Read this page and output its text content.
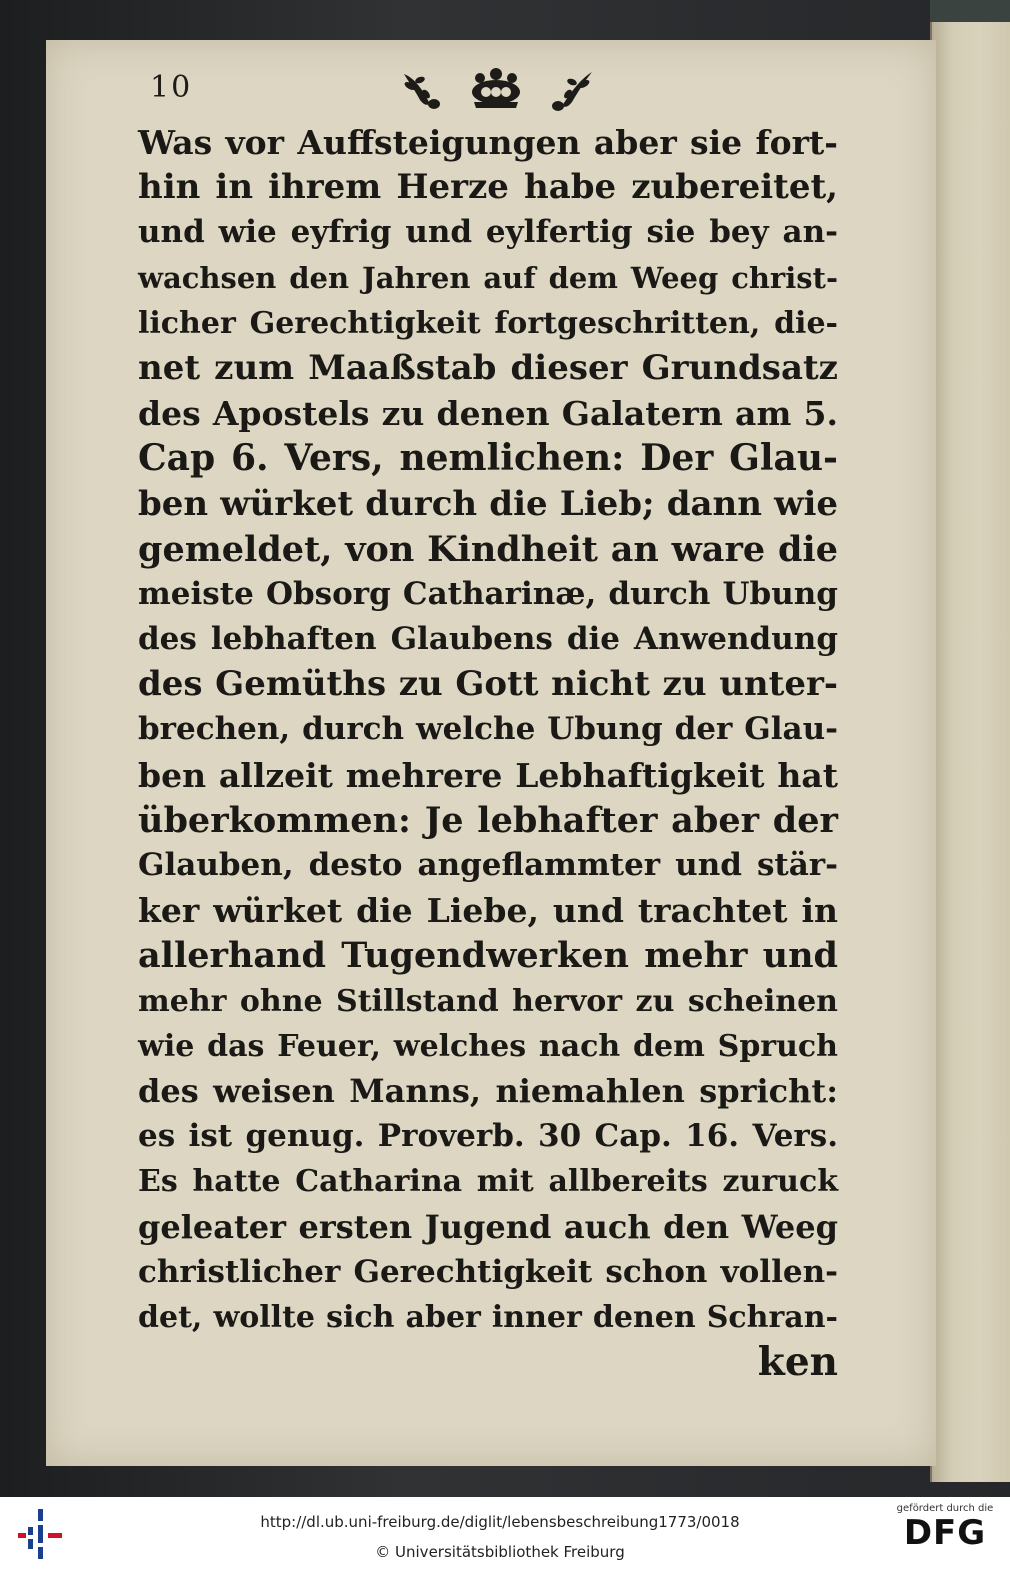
10
Was vor Auffsteigungen aber sie fort-
hin in ihrem Herze habe zubereitet,
und wie eyfrig und eylfertig sie bey an-
wachsen den Jahren auf dem Weeg christ-
licher Gerechtigkeit fortgeschritten, die-
net zum Maaßstab dieser Grundsatz
des Apostels zu denen Galatern am 5.
Cap 6. Vers, nemlichen: Der Glau-
ben würket durch die Lieb; dann wie
gemeldet, von Kindheit an ware die
meiste Obsorg Catharinæ, durch Ubung
des lebhaften Glaubens die Anwendung
des Gemüths zu Gott nicht zu unter-
brechen, durch welche Ubung der Glau-
ben allzeit mehrere Lebhaftigkeit hat
überkommen: Je lebhafter aber der
Glauben, desto angeflammter und stär-
ker würket die Liebe, und trachtet in
allerhand Tugendwerken mehr und
mehr ohne Stillstand hervor zu scheinen
wie das Feuer, welches nach dem Spruch
des weisen Manns, niemahlen spricht:
es ist genug. Proverb. 30 Cap. 16. Vers.
Es hatte Catharina mit allbereits zuruck
geleater ersten Jugend auch den Weeg
christlicher Gerechtigkeit schon vollen-
det, wollte sich aber inner denen Schran-
ken
http://dl.ub.uni-freiburg.de/diglit/lebensbeschreibung1773/0018
© Universitätsbibliothek Freiburg
gefördert durch die
DFG
